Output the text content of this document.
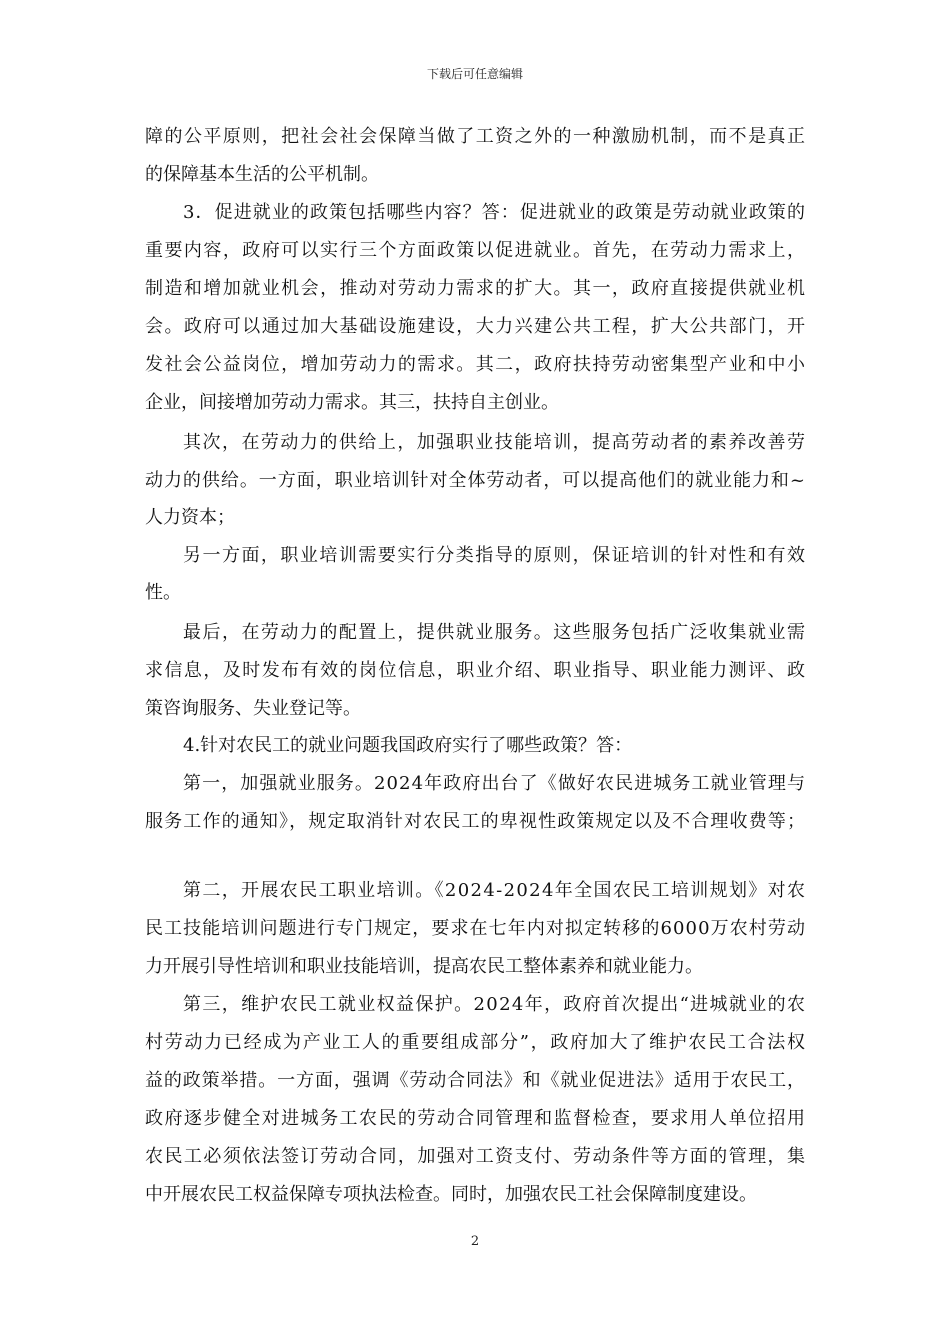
下载后可任意编辑
障的公平原则，把社会社会保障当做了工资之外的一种激励机制，而不是真正
的保障基本生活的公平机制。
3．促进就业的政策包括哪些内容？答：促进就业的政策是劳动就业政策的
重要内容，政府可以实行三个方面政策以促进就业。首先，在劳动力需求上，
制造和增加就业机会，推动对劳动力需求的扩大。其一，政府直接提供就业机
会。政府可以通过加大基础设施建设，大力兴建公共工程，扩大公共部门，开
发社会公益岗位，增加劳动力的需求。其二，政府扶持劳动密集型产业和中小
企业，间接增加劳动力需求。其三，扶持自主创业。
其次，在劳动力的供给上，加强职业技能培训，提高劳动者的素养改善劳
动力的供给。一方面，职业培训针对全体劳动者，可以提高他们的就业能力和~
人力资本；
另一方面，职业培训需要实行分类指导的原则，保证培训的针对性和有效
性。
最后，在劳动力的配置上，提供就业服务。这些服务包括广泛收集就业需
求信息，及时发布有效的岗位信息，职业介绍、职业指导、职业能力测评、政
策咨询服务、失业登记等。
4.针对农民工的就业问题我国政府实行了哪些政策？答：
第一，加强就业服务。2024年政府出台了《做好农民进城务工就业管理与
服务工作的通知》，规定取消针对农民工的卑视性政策规定以及不合理收费等；
第二，开展农民工职业培训。《2024-2024年全国农民工培训规划》对农
民工技能培训问题进行专门规定，要求在七年内对拟定转移的6000万农村劳动
力开展引导性培训和职业技能培训，提高农民工整体素养和就业能力。
第三，维护农民工就业权益保护。2024年，政府首次提出“进城就业的农
村劳动力已经成为产业工人的重要组成部分”，政府加大了维护农民工合法权
益的政策举措。一方面，强调《劳动合同法》和《就业促进法》适用于农民工，
政府逐步健全对进城务工农民的劳动合同管理和监督检查，要求用人单位招用
农民工必须依法签订劳动合同，加强对工资支付、劳动条件等方面的管理，集
中开展农民工权益保障专项执法检查。同时，加强农民工社会保障制度建设。
2
